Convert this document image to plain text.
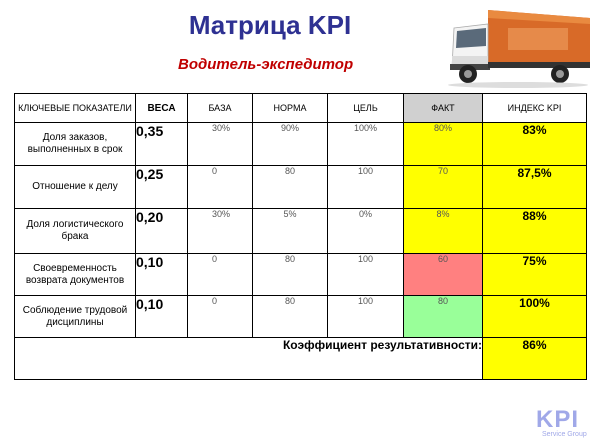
Матрица KPI
Водитель-экспедитор
КЛЮЧЕВЫЕ ПОКАЗАТЕЛИ	ВЕСА	БАЗА	НОРМА	ЦЕЛЬ	ФАКТ	ИНДЕКС KPI
Доля заказов, выполненных в срок	0,35	30%	90%	100%	80%	83%
Отношение к делу	0,25	0	80	100	70	87,5%
Доля логистического брака	0,20	30%	5%	0%	8%	88%
Своевременность возврата документов	0,10	0	80	100	60	75%
Соблюдение трудовой дисциплины	0,10	0	80	100	80	100%
Коэффициент результативности:						86%
KPI
Service Group
